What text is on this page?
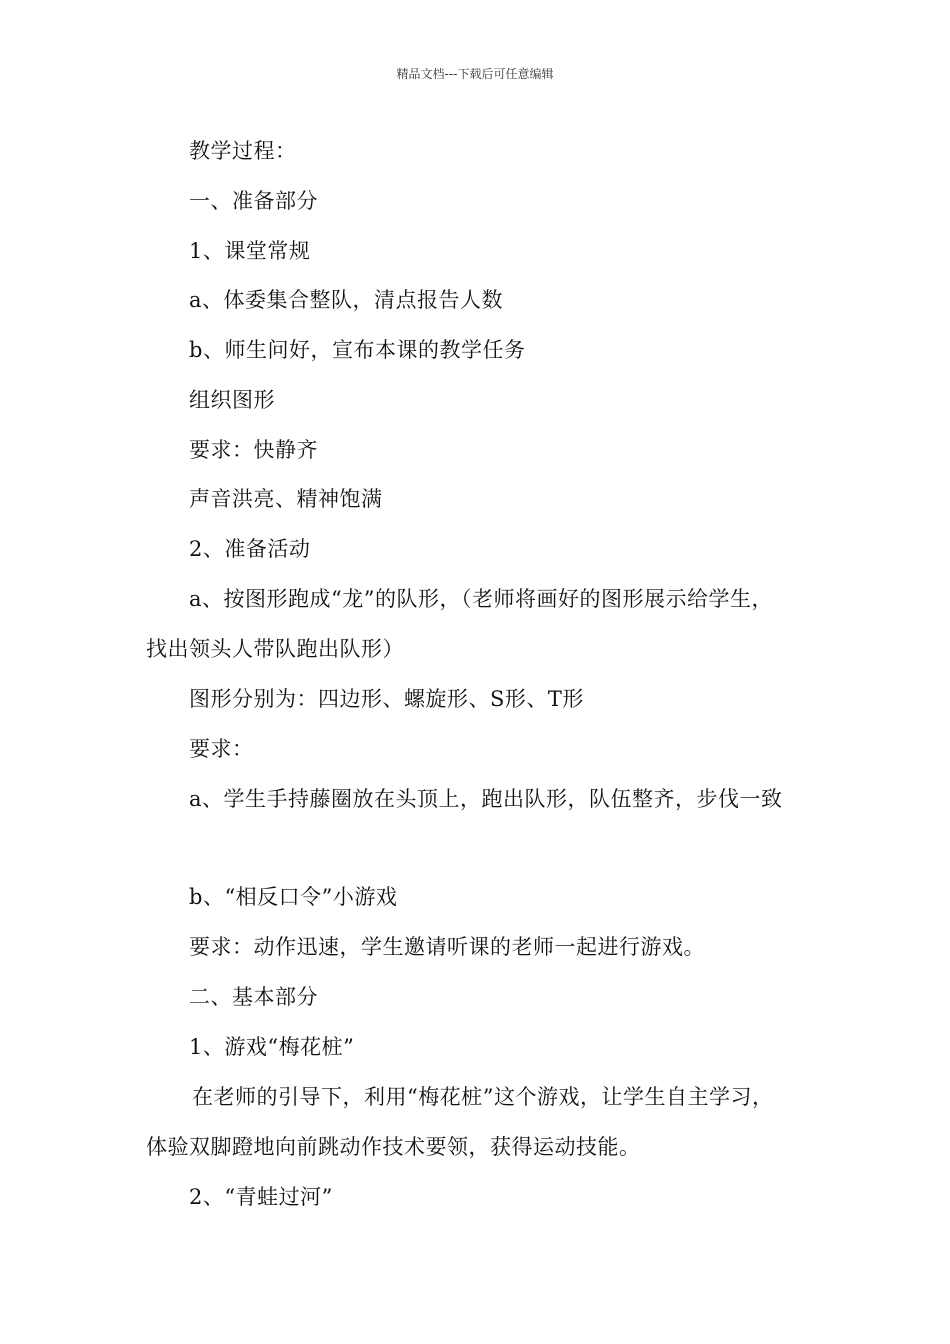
精品文档---下载后可任意编辑
教学过程：
一、准备部分
1、课堂常规
a、体委集合整队，清点报告人数
b、师生问好，宣布本课的教学任务
组织图形
要求：快静齐
声音洪亮、精神饱满
2、准备活动
a、按图形跑成“龙”的队形，（老师将画好的图形展示给学生，
找出领头人带队跑出队形）
图形分别为：四边形、螺旋形、S形、T形
要求：
a、学生手持藤圈放在头顶上，跑出队形，队伍整齐，步伐一致
b、“相反口令”小游戏
要求：动作迅速，学生邀请听课的老师一起进行游戏。
二、基本部分
1、游戏“梅花桩”
在老师的引导下，利用“梅花桩”这个游戏，让学生自主学习，
体验双脚蹬地向前跳动作技术要领，获得运动技能。
2、“青蛙过河”
